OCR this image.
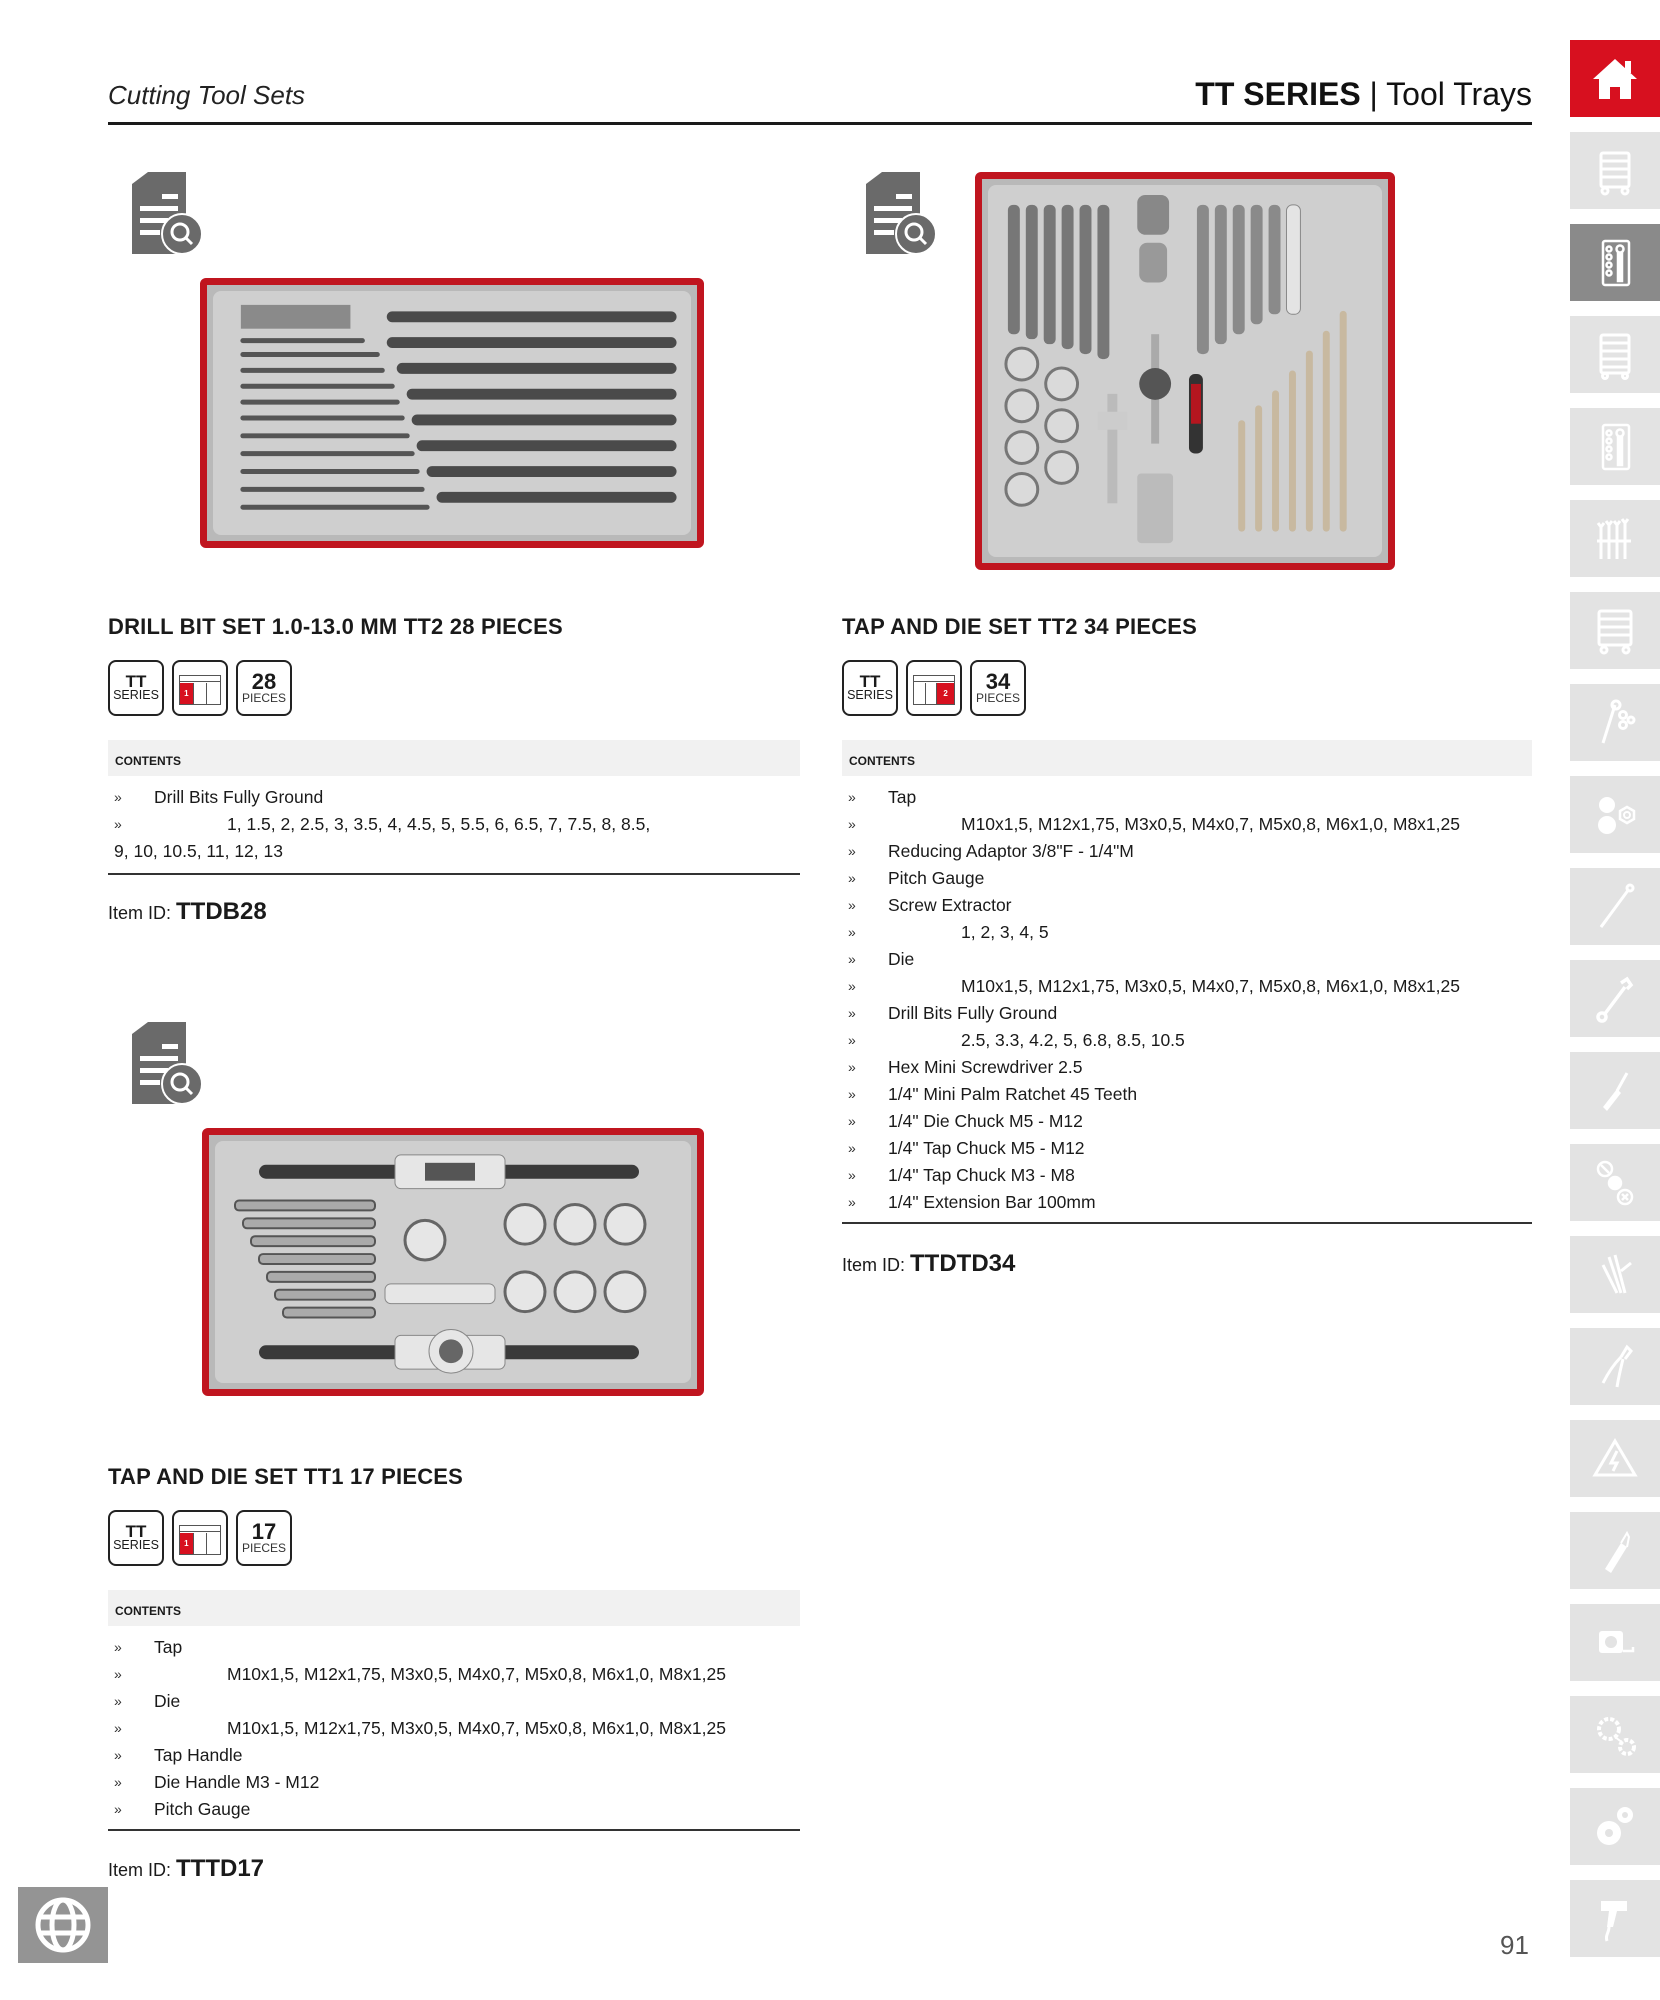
Cutting Tool Sets	TT SERIES | Tool Trays
DRILL BIT SET 1.0-13.0 MM TT2 28 PIECES
TT
SERIES	1	28
PIECES
CONTENTS
»	Drill Bits Fully Ground
»	1, 1.5, 2, 2.5, 3, 3.5, 4, 4.5, 5, 5.5, 6, 6.5, 7, 7.5, 8, 8.5,
9, 10, 10.5, 11, 12, 13
Item ID: TTDB28
TAP AND DIE SET TT2 34 PIECES
TT
SERIES	2 34
PIECES
CONTENTS
»	Tap
»	M10x1,5, M12x1,75, M3x0,5, M4x0,7, M5x0,8, M6x1,0, M8x1,25
»	Reducing Adaptor 3/8"F - 1/4"M
»	Pitch Gauge
»	Screw Extractor
»	1, 2, 3, 4, 5
»	Die
»	M10x1,5, M12x1,75, M3x0,5, M4x0,7, M5x0,8, M6x1,0, M8x1,25
»	Drill Bits Fully Ground
»	2.5, 3.3, 4.2, 5, 6.8, 8.5, 10.5
»	Hex Mini Screwdriver 2.5
»	1/4" Mini Palm Ratchet 45 Teeth
»	1/4" Die Chuck M5 - M12
»	1/4" Tap Chuck M5 - M12
»	1/4" Tap Chuck M3 - M8
»	1/4" Extension Bar 100mm
Item ID: TTDTD34
TAP AND DIE SET TT1 17 PIECES
TT
SERIES	1	17
PIECES
CONTENTS
»	Tap
»	M10x1,5, M12x1,75, M3x0,5, M4x0,7, M5x0,8, M6x1,0, M8x1,25
»	Die
»	M10x1,5, M12x1,75, M3x0,5, M4x0,7, M5x0,8, M6x1,0, M8x1,25
»	Tap Handle
»	Die Handle M3 - M12
»	Pitch Gauge
Item ID: TTTD17
91
